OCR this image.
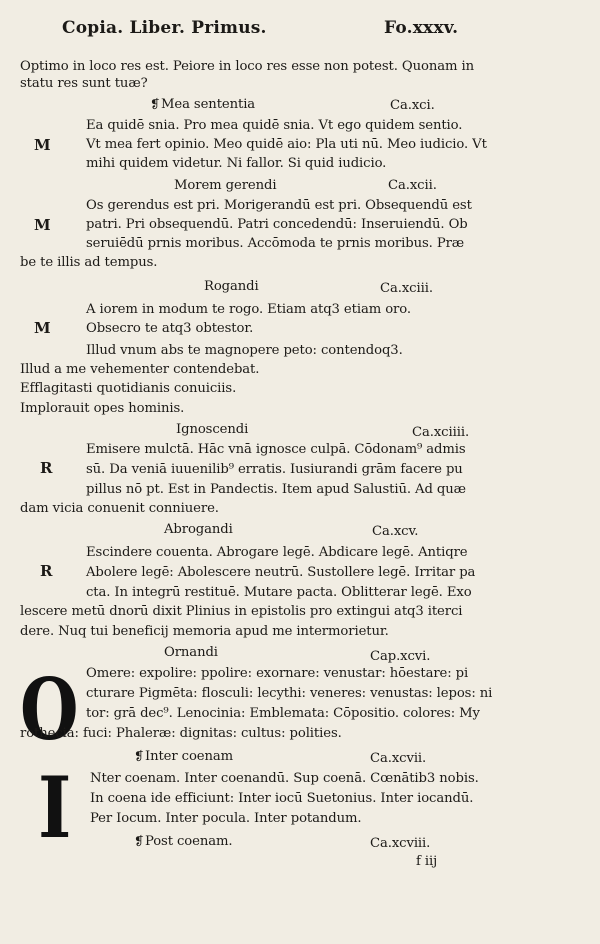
Copia. Liber. Primus.	Fo.xxxv.
Optimo in loco res est. Peiore in loco res esse non potest. Quonam in
statu res sunt tuæ?
❡Mea sententia	Ca.xci.
Ea quidē snia. Pro mea quidē snia. Vt ego quidem sentio.
M	Vt mea fert opinio. Meo quidē aio: Pla uti nū. Meo iudicio. Vt
mihi quidem videtur. Ni fallor. Si quid iudicio.
Morem gerendi	Ca.xcii.
Os gerendus est pri. Morigerandū est pri. Obsequendū est
M	patri. Pri obsequendū. Patri concedendū: Inseruiendū. Ob
seruiēdū prnis moribus. Accōmoda te prnis moribus. Præ
be te illis ad tempus.
Rogandi	Ca.xciii.
A iorem in modum te rogo. Etiam atq3 etiam oro.
M	Obsecro te atq3 obtestor.
Illud vnum abs te magnopere peto: contendoq3.
Illud a me vehementer contendebat.
Efflagitasti quotidianis conuiciis.
Implorauit opes hominis.
Ignoscendi	Ca.xciiii.
Emisere mulctā. Hāc vnā ignosce culpā. Cōdonam⁹ admis
R	sū. Da veniā iuuenilib⁹ erratis. Iusiurandi grām facere pu
pillus nō pt. Est in Pandectis. Item apud Salustiū. Ad quæ
dam vicia conuenit conniuere.
Abrogandi	Ca.xcv.
Escindere couenta. Abrogare legē. Abdicare legē. Antiqre
R	Abolere legē: Abolescere neutrū. Sustollere legē. Irritar pa
cta. In integrū restituē. Mutare pacta. Oblitterar legē. Exo
lescere metū dnorū dixit Plinius in epistolis pro extingui atq3 iterci
dere. Nuq tui beneficij memoria apud me intermorietur.
Ornandi	Cap.xcvi.
O Omere: expolire: ppolire: exornare: venustar: hōestare: pi
cturare Pigmēta: flosculi: lecythi: veneres: venustas: lepos: ni
tor: grā dec⁹. Lenocinia: Emblemata: Cōpositio. colores: My
rothecia: fuci: Phaleræ: dignitas: cultus: polities.
❡Inter coenam	Ca.xcvii.
I Nter coenam. Inter coenandū. Sup coenā. Cœnātib3 nobis.
In coena ide efficiunt: Inter iocū Suetonius. Inter iocandū.
Per Iocum. Inter pocula. Inter potandum.
❡Post coenam.	Ca.xcviii.
f iij
